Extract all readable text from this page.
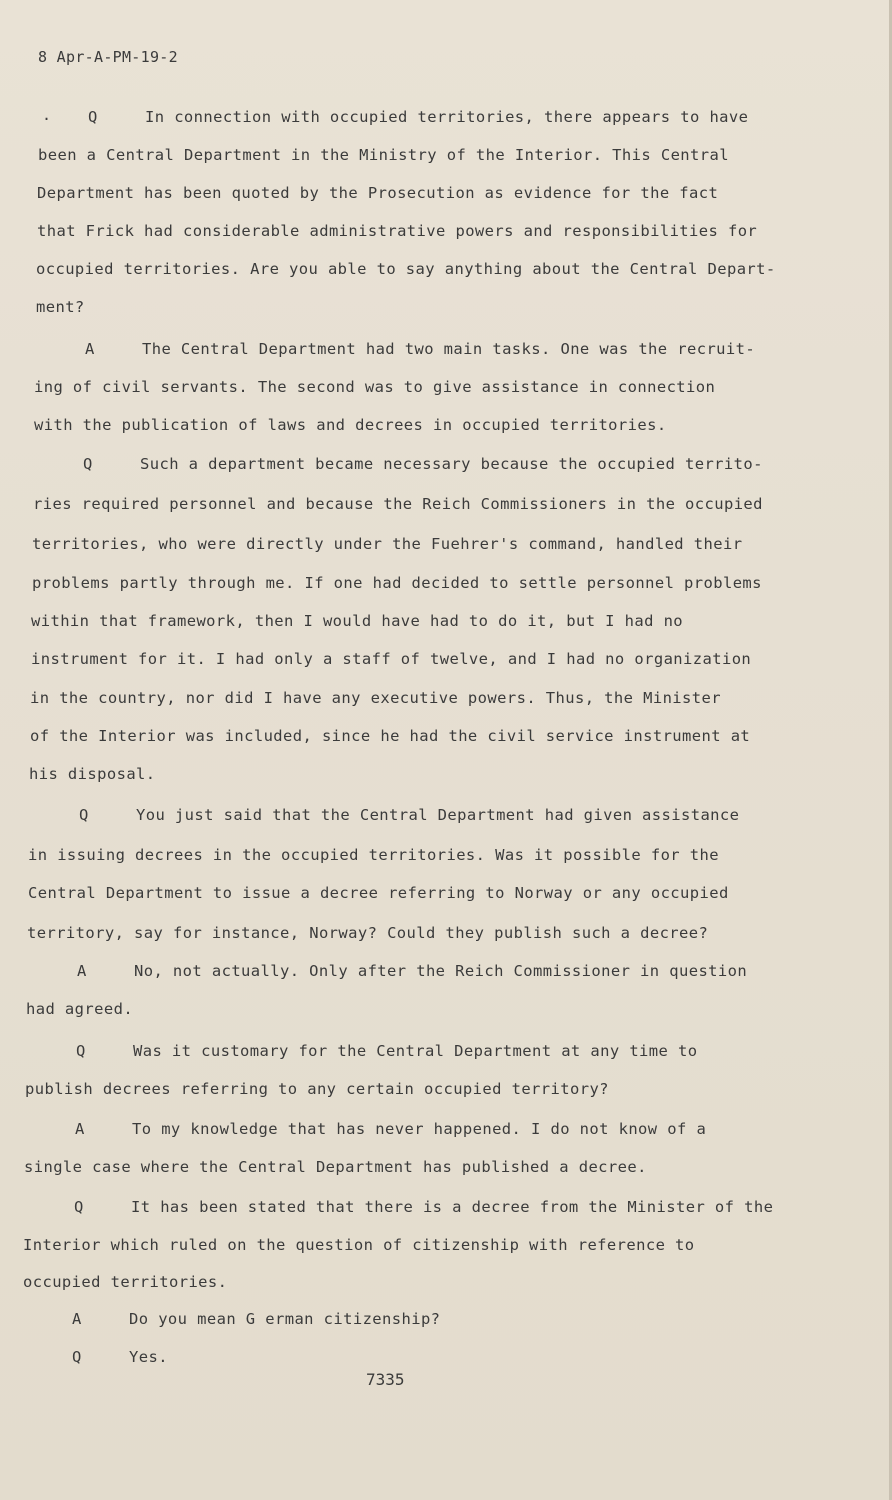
8 Apr-A-PM-19-2
· Q	In connection with occupied territories, there appears to have
been a Central Department in the Ministry of the Interior. This Central
Department has been quoted by the Prosecution as evidence for the fact
that Frick had considerable administrative powers and responsibilities for
occupied territories. Are you able to say anything about the Central Depart-
ment?
A	The Central Department had two main tasks. One was the recruit-
ing of civil servants. The second was to give assistance in connection
with the publication of laws and decrees in occupied territories.
Q	Such a department became necessary because the occupied territo-
ries required personnel and because the Reich Commissioners in the occupied
territories, who were directly under the Fuehrer's command, handled their
problems partly through me. If one had decided to settle personnel problems
within that framework, then I would have had to do it, but I had no
instrument for it. I had only a staff of twelve, and I had no organization
in the country, nor did I have any executive powers. Thus, the Minister
of the Interior was included, since he had the civil service instrument at
his disposal.
Q	You just said that the Central Department had given assistance
in issuing decrees in the occupied territories. Was it possible for the
Central Department to issue a decree referring to Norway or any occupied
territory, say for instance, Norway? Could they publish such a decree?
A	No, not actually. Only after the Reich Commissioner in question
had agreed.
Q	Was it customary for the Central Department at any time to
publish decrees referring to any certain occupied territory?
A	To my knowledge that has never happened. I do not know of a
single case where the Central Department has published a decree.
Q	It has been stated that there is a decree from the Minister of the
Interior which ruled on the question of citizenship with reference to
occupied territories.
A	Do you mean G erman citizenship?
Q	Yes.
7335
